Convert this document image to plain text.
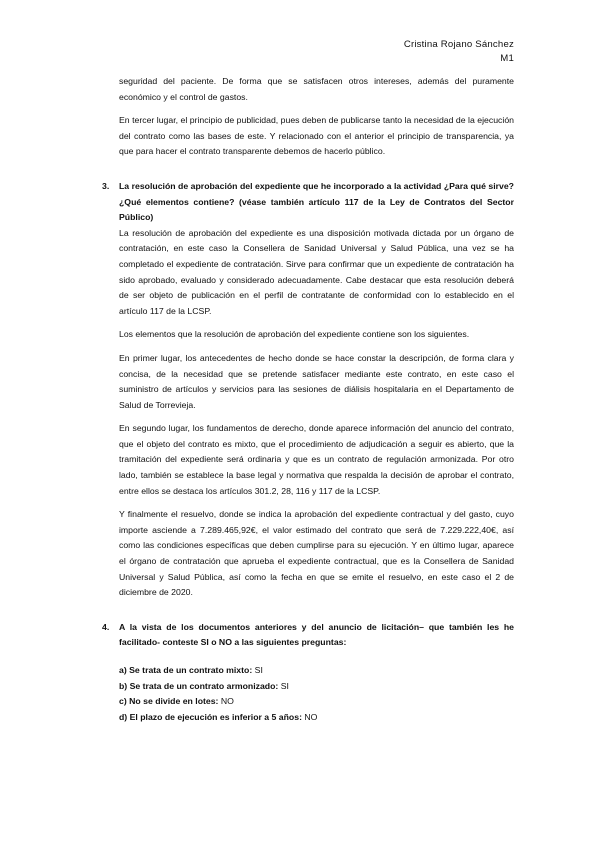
Cristina Rojano Sánchez
M1

seguridad del paciente. De forma que se satisfacen otros intereses, además del puramente económico y el control de gastos.

En tercer lugar, el principio de publicidad, pues deben de publicarse tanto la necesidad de la ejecución del contrato como las bases de este. Y relacionado con el anterior el principio de transparencia, ya que para hacer el contrato transparente debemos de hacerlo público.

3. La resolución de aprobación del expediente que he incorporado a la actividad ¿Para qué sirve? ¿Qué elementos contiene? (véase también artículo 117 de la Ley de Contratos del Sector Público)

La resolución de aprobación del expediente es una disposición motivada dictada por un órgano de contratación, en este caso la Consellera de Sanidad Universal y Salud Pública, una vez se ha completado el expediente de contratación. Sirve para confirmar que un expediente de contratación ha sido aprobado, evaluado y considerado adecuadamente. Cabe destacar que esta resolución deberá de ser objeto de publicación en el perfil de contratante de conformidad con lo establecido en el artículo 117 de la LCSP.

Los elementos que la resolución de aprobación del expediente contiene son los siguientes.

En primer lugar, los antecedentes de hecho donde se hace constar la descripción, de forma clara y concisa, de la necesidad que se pretende satisfacer mediante este contrato, en este caso el suministro de artículos y servicios para las sesiones de diálisis hospitalaria en el Departamento de Salud de Torrevieja.

En segundo lugar, los fundamentos de derecho, donde aparece información del anuncio del contrato, que el objeto del contrato es mixto, que el procedimiento de adjudicación a seguir es abierto, que la tramitación del expediente será ordinaria y que es un contrato de regulación armonizada. Por otro lado, también se establece la base legal y normativa que respalda la decisión de aprobar el contrato, entre ellos se destaca los artículos 301.2, 28, 116 y 117 de la LCSP.

Y finalmente el resuelvo, donde se indica la aprobación del expediente contractual y del gasto, cuyo importe asciende a 7.289.465,92€, el valor estimado del contrato que será de 7.229.222,40€, así como las condiciones específicas que deben cumplirse para su ejecución. Y en último lugar, aparece el órgano de contratación que aprueba el expediente contractual, que es la Consellera de Sanidad Universal y Salud Pública, así como la fecha en que se emite el resuelvo, en este caso el 2 de diciembre de 2020.

4. A la vista de los documentos anteriores y del anuncio de licitación– que también les he facilitado- conteste SI o NO a las siguientes preguntas:
a) Se trata de un contrato mixto: SI
b) Se trata de un contrato armonizado: SI
c) No se divide en lotes: NO
d) El plazo de ejecución es inferior a 5 años: NO
